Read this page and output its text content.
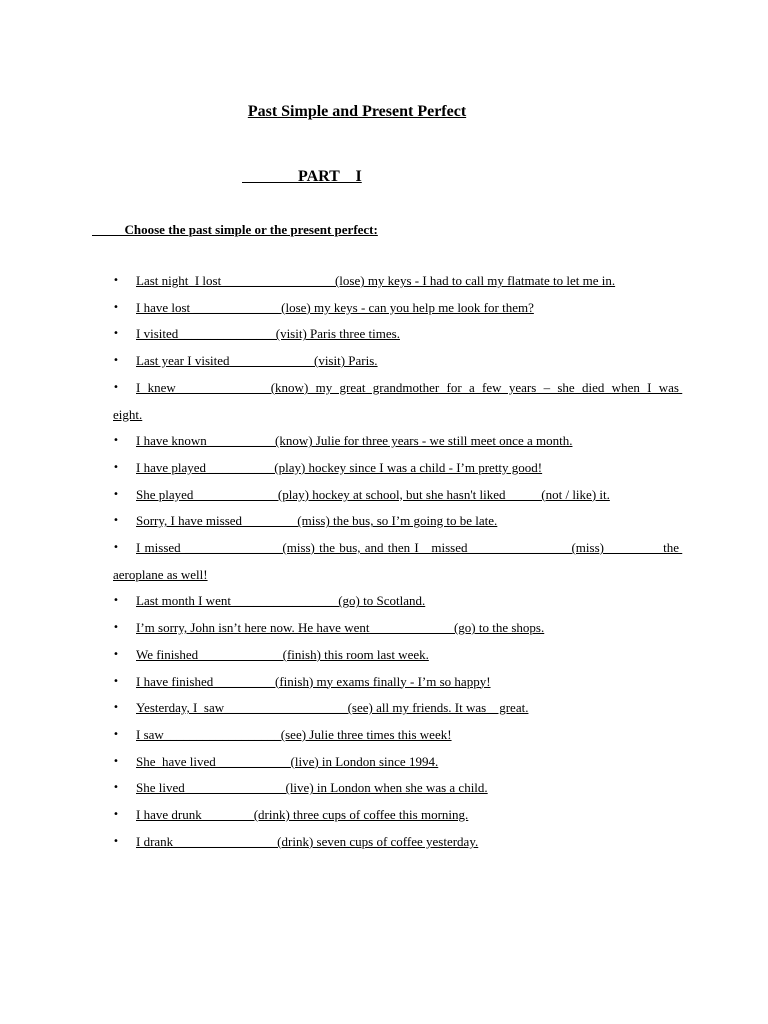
Past Simple and Present Perfect
PART    I
Choose the past simple or the present perfect:
• Last night  I lost _________________(lose) my keys - I had to call my flatmate to let me in.
• I have lost _____________ (lose) my keys - can you help me look for them?
• I visited_______________(visit) Paris three times.
• Last year I visited                          (visit) Paris.
• I  knew                          (know)  my  great  grandmother  for  a  few  years  –  she  died  when  I  was eight.
• I have known __________(know) Julie for three years - we still meet once a month.
• I have played __________(play) hockey since I was a child - I’m pretty good!
• She played                          (play) hockey at school, but she hasn't liked           (not / like) it.
• Sorry, I have missed                 (miss) the bus, so I’m going to be late.
• I missed _______________(miss) the bus, and then I   missed________________(miss)              the aeroplane as well!
• Last month I went ________________(go) to Scotland.
• I’m sorry, John isn’t here now. He have went                          (go) to the shops.
• We finished                          (finish) this room last week.
• I have finished _________(finish) my exams finally - I’m so happy!
• Yesterday, I  saw___________________(see) all my friends. It was    great.
• I saw__________________(see) Julie three times this week!
• She  have lived ___________(live) in London since 1994.
• She lived                               (live) in London when she was a child.
• I have drunk                (drink) three cups of coffee this morning.
• I drank________________(drink) seven cups of coffee yesterday.
